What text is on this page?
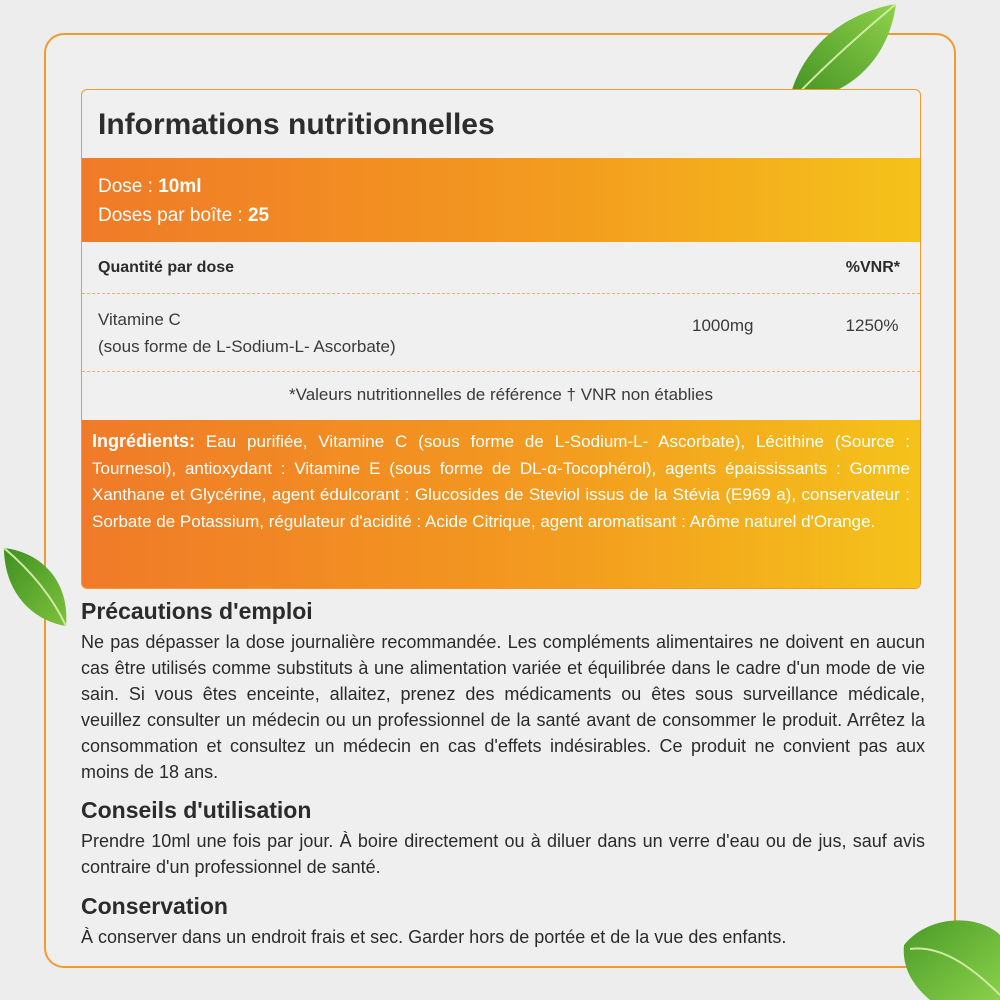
Informations nutritionnelles
Dose : 10ml
Doses par boîte : 25
Quantité par dose	%VNR*
Vitamine C
(sous forme de L-Sodium-L- Ascorbate)
1000mg	1250%
*Valeurs nutritionnelles de référence † VNR non établies
Ingrédients: Eau purifiée, Vitamine C (sous forme de L-Sodium-L- Ascorbate), Lécithine (Source : Tournesol), antioxydant : Vitamine E (sous forme de DL-α-Tocophérol), agents épaississants : Gomme Xanthane et Glycérine, agent édulcorant : Glucosides de Steviol issus de la Stévia (E969 a), conservateur : Sorbate de Potassium, régulateur d'acidité : Acide Citrique, agent aromatisant : Arôme naturel d'Orange.
Précautions d'emploi

Ne pas dépasser la dose journalière recommandée. Les compléments alimentaires ne doivent en aucun cas être utilisés comme substituts à une alimentation variée et équilibrée dans le cadre d'un mode de vie sain. Si vous êtes enceinte, allaitez, prenez des médicaments ou êtes sous surveillance médicale, veuillez consulter un médecin ou un professionnel de la santé avant de consommer le produit. Arrêtez la consommation et consultez un médecin en cas d'effets indésirables. Ce produit ne convient pas aux moins de 18 ans.

Conseils d'utilisation

Prendre 10ml une fois par jour. À boire directement ou à diluer dans un verre d'eau ou de jus, sauf avis contraire d'un professionnel de santé.

Conservation

À conserver dans un endroit frais et sec. Garder hors de portée et de la vue des enfants.
